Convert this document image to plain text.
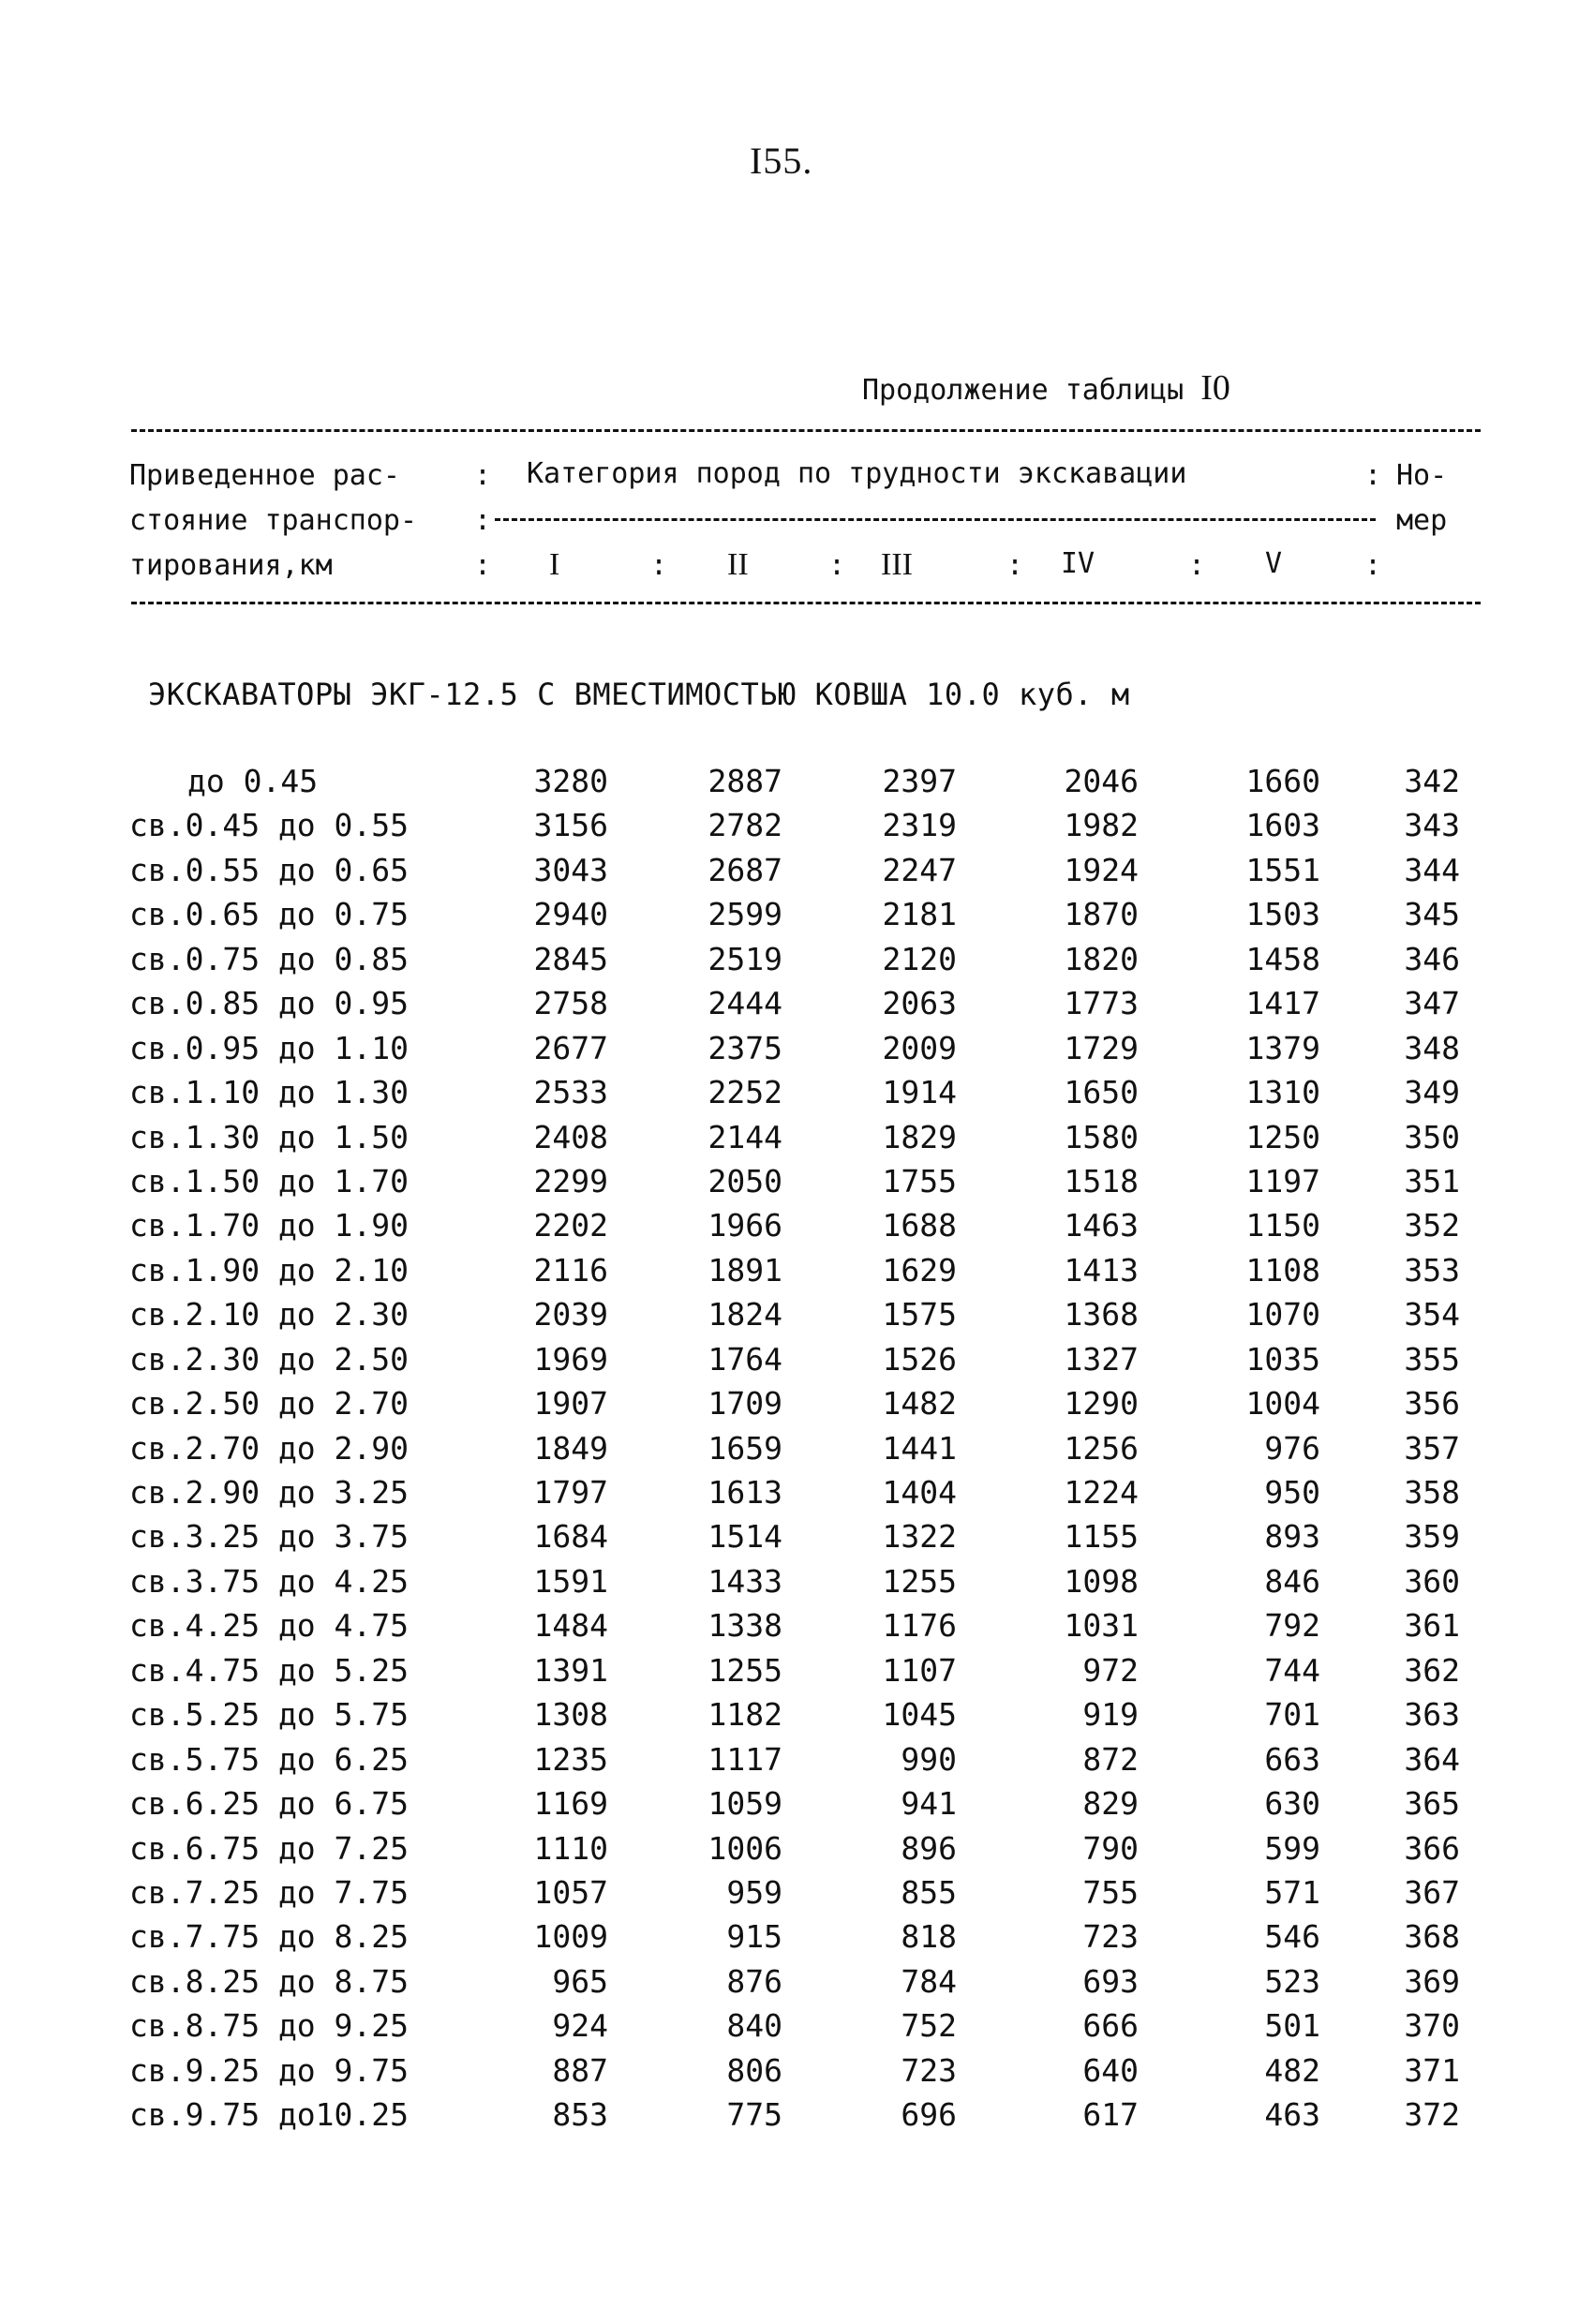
I55.
Продолжение таблицы I0
Приведенное рас-
стояние транспор-
тирования,км
:
:
:
Категория пород по трудности экскавации	: Но-
мер
I	: II	: III	: IV	: V	:
ЭКСКАВАТОРЫ ЭКГ-12.5 С ВМЕСТИМОСТЬЮ КОВША 10.0 куб. м
до 0.45	3280	2887	2397	2046	1660	342
св.0.45 до 0.55	3156	2782	2319	1982	1603	343
св.0.55 до 0.65	3043	2687	2247	1924	1551	344
св.0.65 до 0.75	2940	2599	2181	1870	1503	345
св.0.75 до 0.85	2845	2519	2120	1820	1458	346
св.0.85 до 0.95	2758	2444	2063	1773	1417	347
св.0.95 до 1.10	2677	2375	2009	1729	1379	348
св.1.10 до 1.30	2533	2252	1914	1650	1310	349
св.1.30 до 1.50	2408	2144	1829	1580	1250	350
св.1.50 до 1.70	2299	2050	1755	1518	1197	351
св.1.70 до 1.90	2202	1966	1688	1463	1150	352
св.1.90 до 2.10	2116	1891	1629	1413	1108	353
св.2.10 до 2.30	2039	1824	1575	1368	1070	354
св.2.30 до 2.50	1969	1764	1526	1327	1035	355
св.2.50 до 2.70	1907	1709	1482	1290	1004	356
св.2.70 до 2.90	1849	1659	1441	1256	976	357
св.2.90 до 3.25	1797	1613	1404	1224	950	358
св.3.25 до 3.75	1684	1514	1322	1155	893	359
св.3.75 до 4.25	1591	1433	1255	1098	846	360
св.4.25 до 4.75	1484	1338	1176	1031	792	361
св.4.75 до 5.25	1391	1255	1107	972	744	362
св.5.25 до 5.75	1308	1182	1045	919	701	363
св.5.75 до 6.25	1235	1117	990	872	663	364
св.6.25 до 6.75	1169	1059	941	829	630	365
св.6.75 до 7.25	1110	1006	896	790	599	366
св.7.25 до 7.75	1057	959	855	755	571	367
св.7.75 до 8.25	1009	915	818	723	546	368
св.8.25 до 8.75	965	876	784	693	523	369
св.8.75 до 9.25	924	840	752	666	501	370
св.9.25 до 9.75	887	806	723	640	482	371
св.9.75 до10.25	853	775	696	617	463	372
